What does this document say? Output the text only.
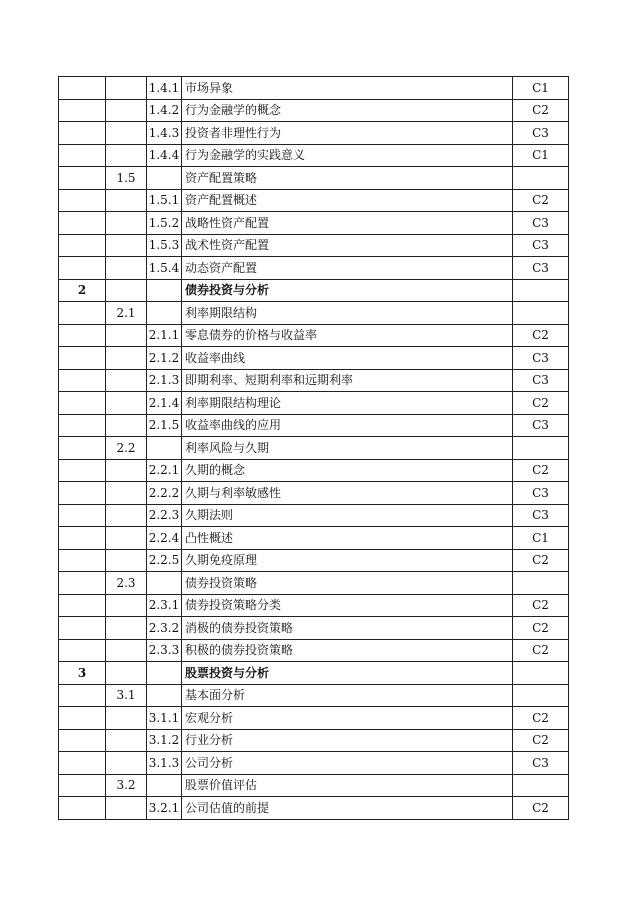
		1.4.1	市场异象	C1
		1.4.2	行为金融学的概念	C2
		1.4.3	投资者非理性行为	C3
		1.4.4	行为金融学的实践意义	C1
	1.5		资产配置策略	
		1.5.1	资产配置概述	C2
		1.5.2	战略性资产配置	C3
		1.5.3	战术性资产配置	C3
		1.5.4	动态资产配置	C3
2			债券投资与分析	
	2.1		利率期限结构	
		2.1.1	零息债券的价格与收益率	C2
		2.1.2	收益率曲线	C3
		2.1.3	即期利率、短期利率和远期利率	C3
		2.1.4	利率期限结构理论	C2
		2.1.5	收益率曲线的应用	C3
	2.2		利率风险与久期	
		2.2.1	久期的概念	C2
		2.2.2	久期与利率敏感性	C3
		2.2.3	久期法则	C3
		2.2.4	凸性概述	C1
		2.2.5	久期免疫原理	C2
	2.3		债券投资策略	
		2.3.1	债券投资策略分类	C2
		2.3.2	消极的债券投资策略	C2
		2.3.3	积极的债券投资策略	C2
3			股票投资与分析	
	3.1		基本面分析	
		3.1.1	宏观分析	C2
		3.1.2	行业分析	C2
		3.1.3	公司分析	C3
	3.2		股票价值评估	
		3.2.1	公司估值的前提	C2
